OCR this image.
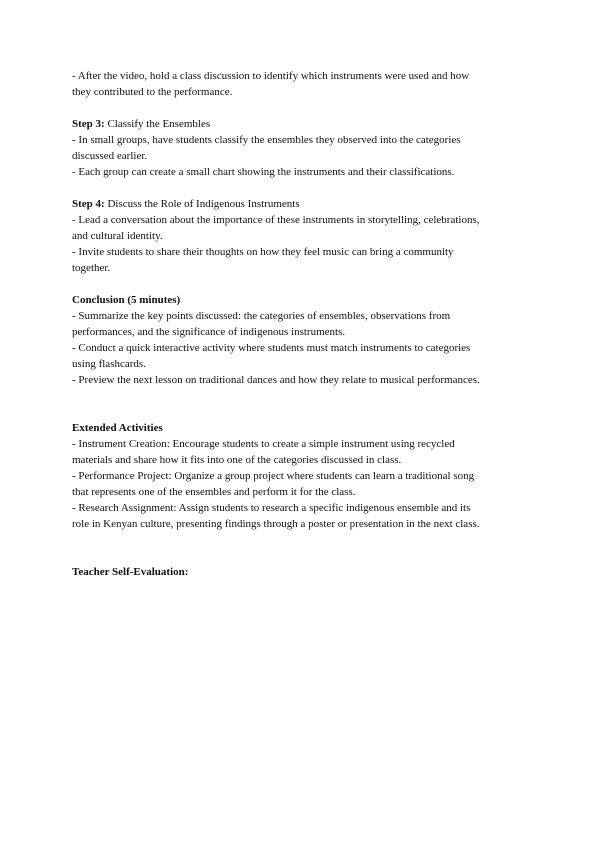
- After the video, hold a class discussion to identify which instruments were used and how
they contributed to the performance.
Step 3: Classify the Ensembles
- In small groups, have students classify the ensembles they observed into the categories
discussed earlier.
- Each group can create a small chart showing the instruments and their classifications.
Step 4: Discuss the Role of Indigenous Instruments
- Lead a conversation about the importance of these instruments in storytelling, celebrations,
and cultural identity.
- Invite students to share their thoughts on how they feel music can bring a community
together.
Conclusion (5 minutes)
- Summarize the key points discussed: the categories of ensembles, observations from
performances, and the significance of indigenous instruments.
- Conduct a quick interactive activity where students must match instruments to categories
using flashcards.
- Preview the next lesson on traditional dances and how they relate to musical performances.
Extended Activities
- Instrument Creation: Encourage students to create a simple instrument using recycled
materials and share how it fits into one of the categories discussed in class.
- Performance Project: Organize a group project where students can learn a traditional song
that represents one of the ensembles and perform it for the class.
- Research Assignment: Assign students to research a specific indigenous ensemble and its
role in Kenyan culture, presenting findings through a poster or presentation in the next class.
Teacher Self-Evaluation:
